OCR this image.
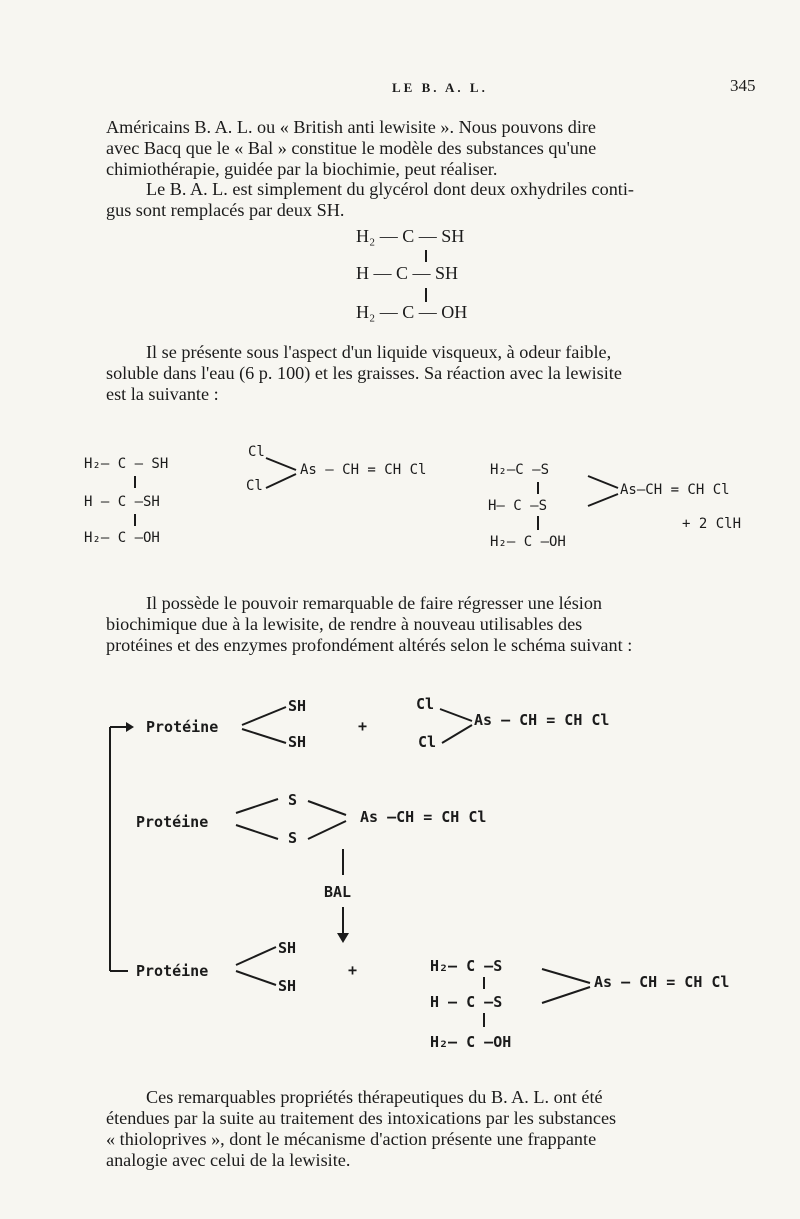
LE B. A. L.	345

Américains B. A. L. ou « British anti lewisite ». Nous pouvons dire

avec Bacq que le « Bal » constitue le modèle des substances qu'une

chimiothérapie, guidée par la biochimie, peut réaliser.

Le B. A. L. est simplement du glycérol dont deux oxhydriles conti-

gus sont remplacés par deux SH.

H₂ — C — SH
H — C — SH
H₂ — C — OH

Il se présente sous l'aspect d'un liquide visqueux, à odeur faible,

soluble dans l'eau (6 p. 100) et les graisses. Sa réaction avec la lewisite

est la suivante :

H₂— C — SH
H — C —SH
H₂— C —OH
Cl
Cl
As — CH = CH Cl	H₂—C —S
H— C —S
H₂— C —OH
As—CH = CH Cl
+ 2 ClH

Il possède le pouvoir remarquable de faire régresser une lésion

biochimique due à la lewisite, de rendre à nouveau utilisables des

protéines et des enzymes profondément altérés selon le schéma suivant :

Protéine
SH
SH
+
Cl
Cl
As — CH = CH Cl
Protéine
S
S
As —CH = CH Cl
BAL
Protéine
SH
SH
+	H₂— C —S
H — C —S
H₂— C —OH
As — CH = CH Cl

Ces remarquables propriétés thérapeutiques du B. A. L. ont été

étendues par la suite au traitement des intoxications par les substances

« thioloprives », dont le mécanisme d'action présente une frappante

analogie avec celui de la lewisite.
